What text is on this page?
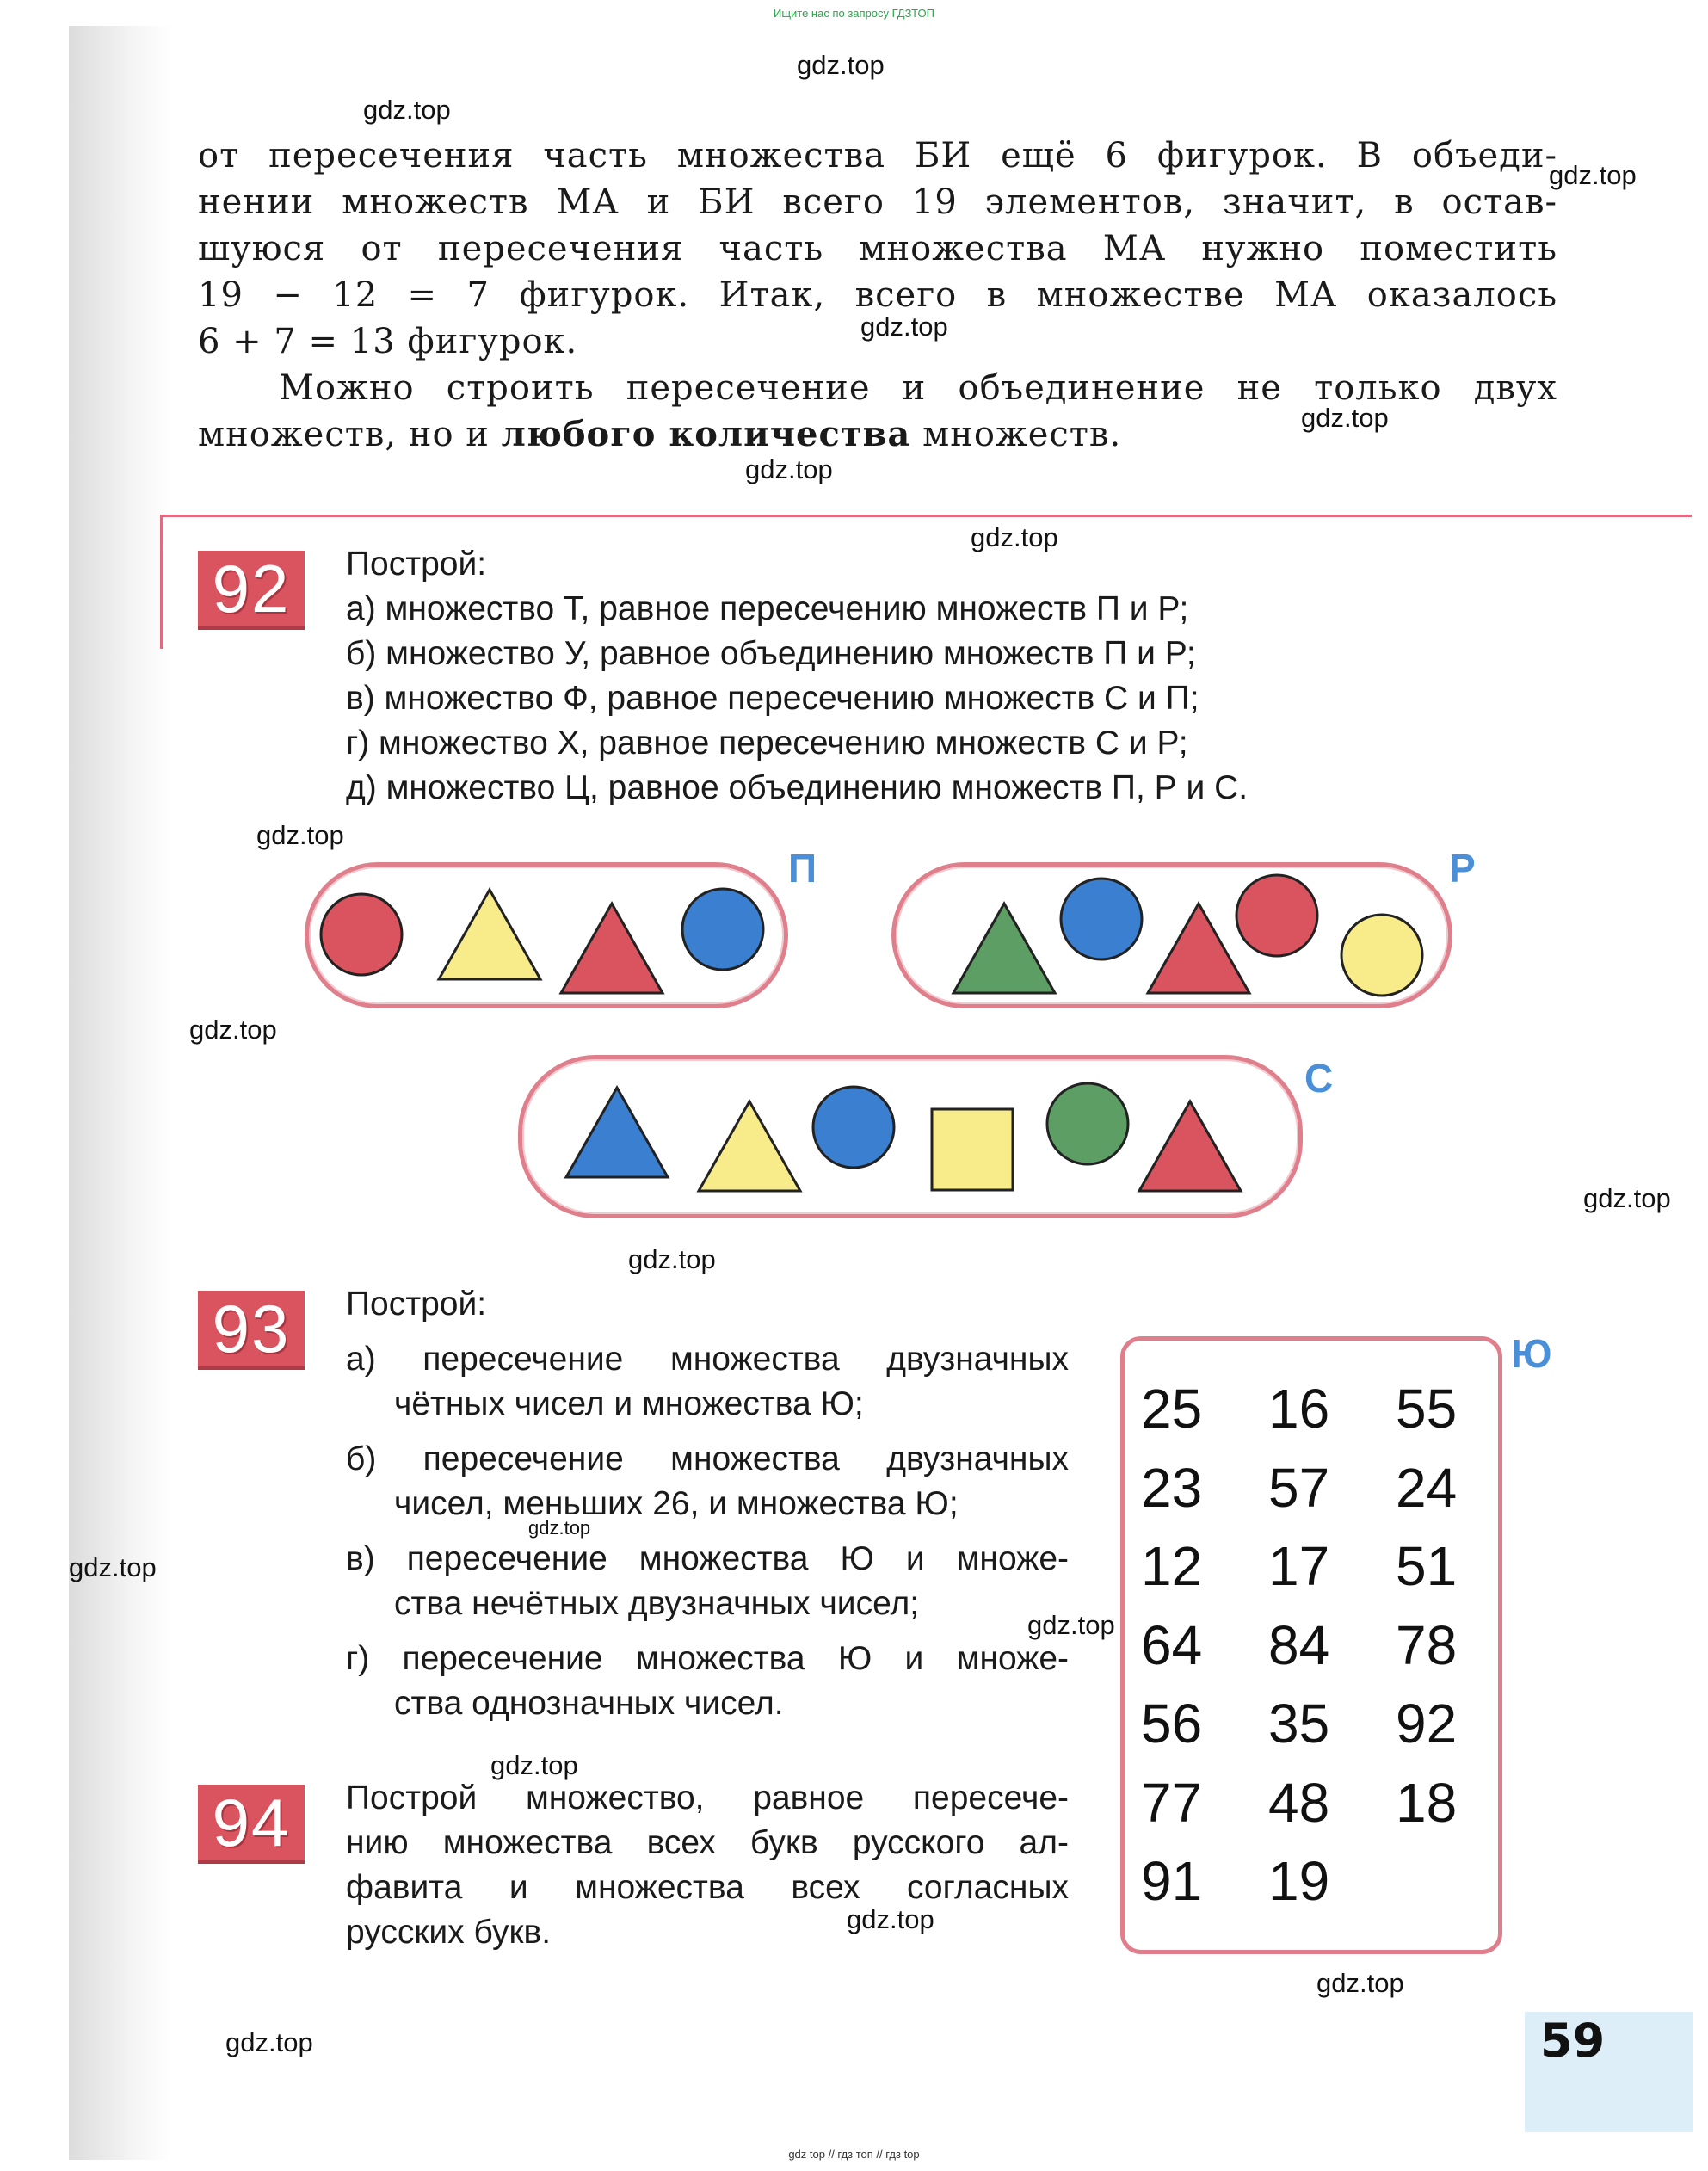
Ищите нас по запросу ГДЗТОП
gdz top // гдз топ // гдз top
gdz.top
gdz.top
gdz.top
gdz.top
gdz.top
gdz.top
gdz.top
gdz.top
gdz.top
gdz.top
gdz.top
gdz.top
gdz.top
gdz.top
gdz.top
gdz.top
gdz.top
gdz.top
от пересечения часть множества БИ ещё 6 фигурок. В объеди-
нении множеств МА и БИ всего 19 элементов, значит, в остав-
шуюся от пересечения часть множества МА нужно поместить
19 − 12 = 7 фигурок. Итак, всего в множестве МА оказалось
6 + 7 = 13 фигурок.
Можно строить пересечение и объединение не только двух
множеств, но и любого количества множеств.
92	Построй:
а) множество Т, равное пересечению множеств П и Р;
б) множество У, равное объединению множеств П и Р;
в) множество Ф, равное пересечению множеств С и П;
г) множество Х, равное пересечению множеств С и Р;
д) множество Ц, равное объединению множеств П, Р и С.
П	Р
С
93	Построй:
а) пересечение множества двузначных
чётных чисел и множества Ю;
б) пересечение множества двузначных
чисел, меньших 26, и множества Ю;
в) пересечение множества Ю и множе-
ства нечётных двузначных чисел;
г) пересечение множества Ю и множе-
ства однозначных чисел.
Ю
25 16 55
23 57 24
12 17 51
64 84 78
56 35 92
77 48 18
91 19
94	Построй множество, равное пересече-
нию множества всех букв русского ал-
фавита и множества всех согласных
русских букв.
59
